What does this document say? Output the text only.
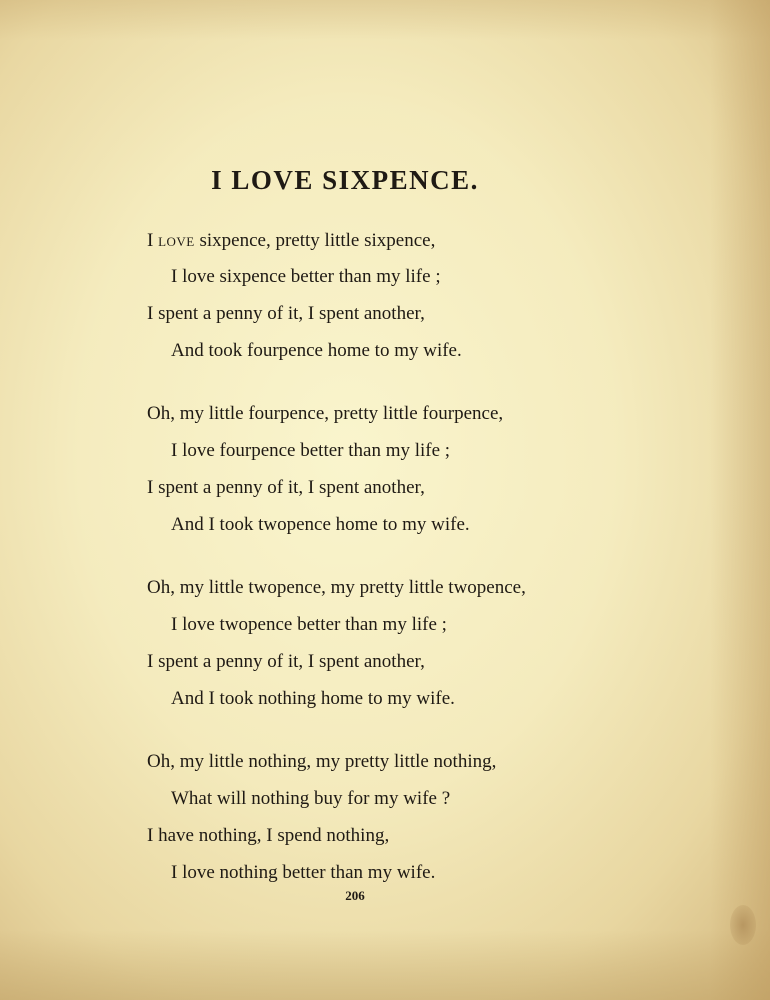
I LOVE SIXPENCE.
I love sixpence, pretty little sixpence,
I love sixpence better than my life ;
I spent a penny of it, I spent another,
And took fourpence home to my wife.
Oh, my little fourpence, pretty little fourpence,
I love fourpence better than my life ;
I spent a penny of it, I spent another,
And I took twopence home to my wife.
Oh, my little twopence, my pretty little twopence,
I love twopence better than my life ;
I spent a penny of it, I spent another,
And I took nothing home to my wife.
Oh, my little nothing, my pretty little nothing,
What will nothing buy for my wife ?
I have nothing, I spend nothing,
I love nothing better than my wife.
206
